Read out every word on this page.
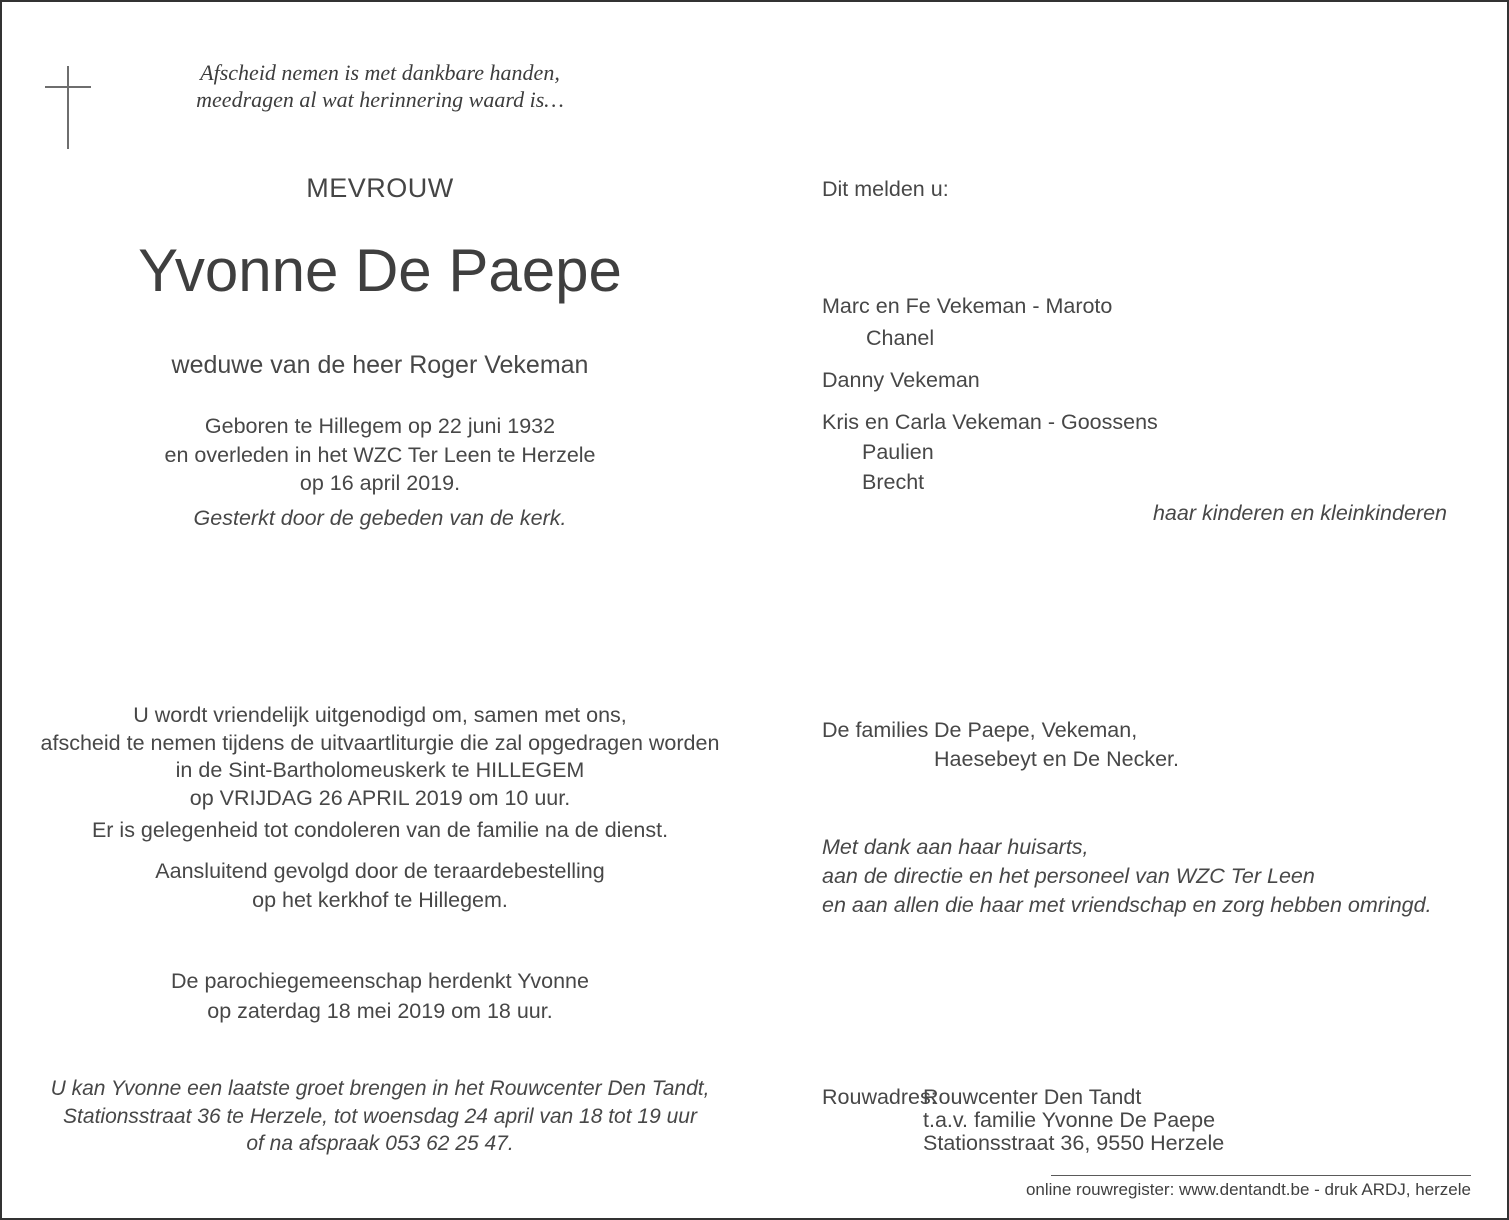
Afscheid nemen is met dankbare handen,
meedragen al wat herinnering waard is…
MEVROUW
Yvonne De Paepe
weduwe van de heer Roger Vekeman
Geboren te Hillegem op 22 juni 1932
en overleden in het WZC Ter Leen te Herzele
op 16 april 2019.
Gesterkt door de gebeden van de kerk.
Dit melden u:
Marc en Fe Vekeman - Maroto
Chanel
Danny Vekeman
Kris en Carla Vekeman - Goossens
Paulien
Brecht
haar kinderen en kleinkinderen
U wordt vriendelijk uitgenodigd om, samen met ons,
afscheid te nemen tijdens de uitvaartliturgie die zal opgedragen worden
in de Sint-Bartholomeuskerk te HILLEGEM
op VRIJDAG 26 APRIL 2019 om 10 uur.
Er is gelegenheid tot condoleren van de familie na de dienst.
Aansluitend gevolgd door de teraardebestelling
op het kerkhof te Hillegem.
De parochiegemeenschap herdenkt Yvonne
op zaterdag 18 mei 2019 om 18 uur.
U kan Yvonne een laatste groet brengen in het Rouwcenter Den Tandt,
Stationsstraat 36 te Herzele, tot woensdag 24 april van 18 tot 19 uur
of na afspraak 053 62 25 47.
De families De Paepe, Vekeman,
Haesebeyt en De Necker.
Met dank aan haar huisarts,
aan de directie en het personeel van WZC Ter Leen
en aan allen die haar met vriendschap en zorg hebben omringd.
Rouwadres:Rouwcenter Den Tandt
t.a.v. familie Yvonne De Paepe
Stationsstraat 36, 9550 Herzele
online rouwregister: www.dentandt.be - druk ARDJ, herzele
